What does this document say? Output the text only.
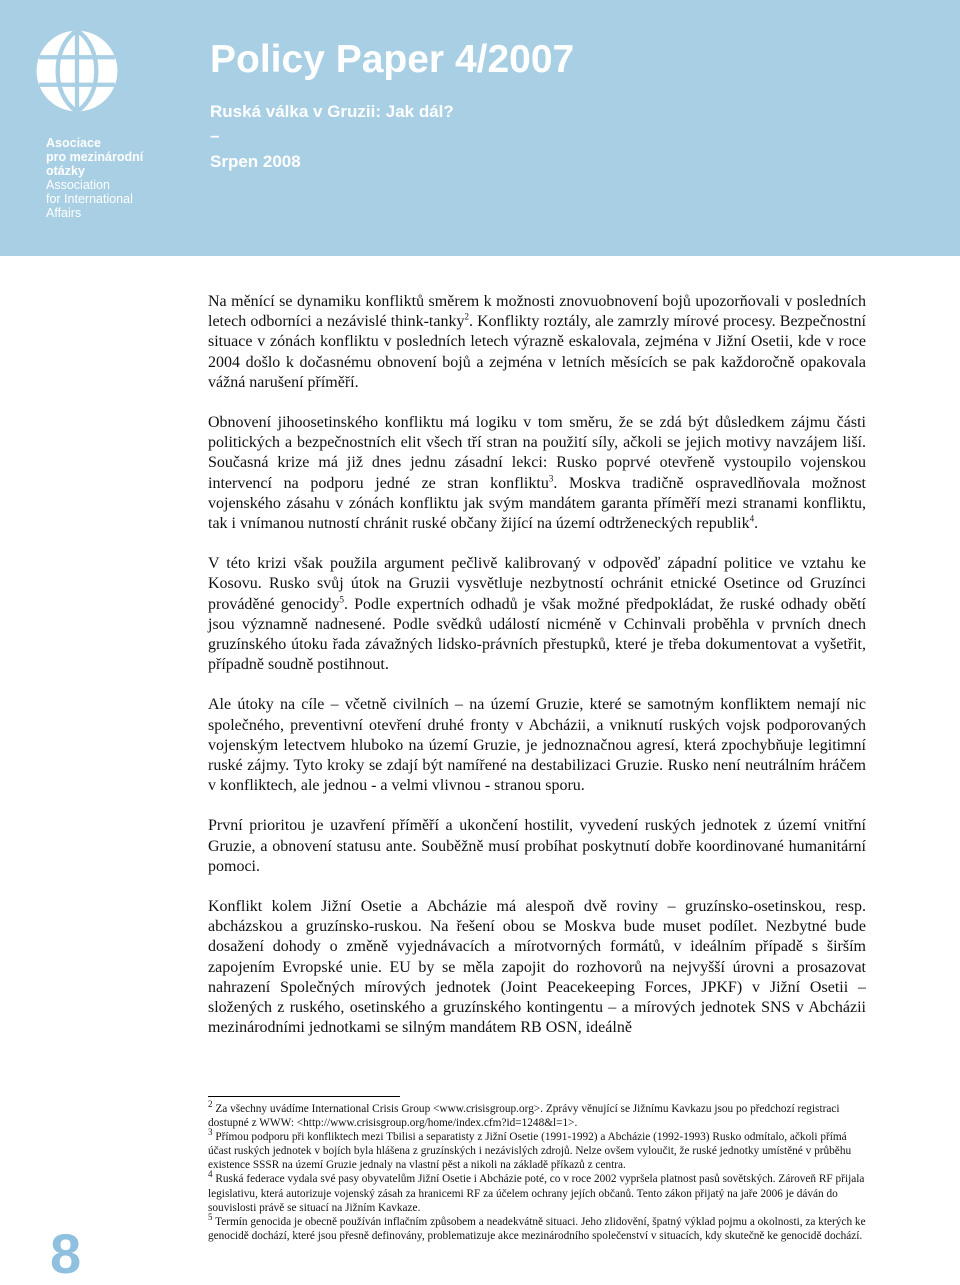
Asociace
pro mezinárodní
otázky
Association
for International
Affairs
Policy Paper 4/2007
Ruská válka v Gruzii: Jak dál?
–
Srpen 2008

Na měnící se dynamiku konfliktů směrem k možnosti znovuobnovení bojů upozorňovali v posledních letech odborníci a nezávislé think-tanky$^2$. Konflikty roztály, ale zamrzly mírové procesy. Bezpečnostní situace v zónách konfliktu v posledních letech výrazně eskalovala, zejména v Jižní Osetii, kde v roce 2004 došlo k dočasnému obnovení bojů a zejména v letních měsících se pak každoročně opakovala vážná narušení příměří.

Obnovení jihoosetinského konfliktu má logiku v tom směru, že se zdá být důsledkem zájmu části politických a bezpečnostních elit všech tří stran na použití síly, ačkoli se jejich motivy navzájem liší. Současná krize má již dnes jednu zásadní lekci: Rusko poprvé otevřeně vystoupilo vojenskou intervencí na podporu jedné ze stran konfliktu$^3$. Moskva tradičně ospravedlňovala možnost vojenského zásahu v zónách konfliktu jak svým mandátem garanta příměří mezi stranami konfliktu, tak i vnímanou nutností chránit ruské občany žijící na území odtrženeckých republik$^4$.

V této krizi však použila argument pečlivě kalibrovaný v odpověď západní politice ve vztahu ke Kosovu. Rusko svůj útok na Gruzii vysvětluje nezbytností ochránit etnické Osetince od Gruzínci prováděné genocidy$^5$. Podle expertních odhadů je však možné předpokládat, že ruské odhady obětí jsou významně nadnesené. Podle svědků událostí nicméně v Cchinvali proběhla v prvních dnech gruzínského útoku řada závažných lidsko-právních přestupků, které je třeba dokumentovat a vyšetřit, případně soudně postihnout.

Ale útoky na cíle – včetně civilních – na území Gruzie, které se samotným konfliktem nemají nic společného, preventivní otevření druhé fronty v Abcházii, a vniknutí ruských vojsk podporovaných vojenským letectvem hluboko na území Gruzie, je jednoznačnou agresí, která zpochybňuje legitimní ruské zájmy. Tyto kroky se zdají být namířené na destabilizaci Gruzie. Rusko není neutrálním hráčem v konfliktech, ale jednou - a velmi vlivnou - stranou sporu.

První prioritou je uzavření příměří a ukončení hostilit, vyvedení ruských jednotek z území vnitřní Gruzie, a obnovení statusu ante. Souběžně musí probíhat poskytnutí dobře koordinované humanitární pomoci.

Konflikt kolem Jižní Osetie a Abcházie má alespoň dvě roviny – gruzínsko-osetinskou, resp. abcházskou a gruzínsko-ruskou. Na řešení obou se Moskva bude muset podílet. Nezbytné bude dosažení dohody o změně vyjednávacích a mírotvorných formátů, v ideálním případě s širším zapojením Evropské unie. EU by se měla zapojit do rozhovorů na nejvyšší úrovni a prosazovat nahrazení Společných mírových jednotek (Joint Peacekeeping Forces, JPKF) v Jižní Osetii – složených z ruského, osetinského a gruzínského kontingentu – a mírových jednotek SNS v Abcházii mezinárodními jednotkami se silným mandátem RB OSN, ideálně

$^2$ Za všechny uvádíme International Crisis Group <www.crisisgroup.org>. Zprávy věnující se Jižnímu Kavkazu jsou po předchozí registraci dostupné z WWW: <http://www.crisisgroup.org/home/index.cfm?id=1248&l=1>.

$^3$ Přímou podporu při konfliktech mezi Tbilisi a separatisty z Jižní Osetie (1991-1992) a Abcházie (1992-1993) Rusko odmítalo, ačkoli přímá účast ruských jednotek v bojích byla hlášena z gruzínských i nezávislých zdrojů. Nelze ovšem vyloučit, že ruské jednotky umístěné v průběhu existence SSSR na území Gruzie jednaly na vlastní pěst a nikoli na základě příkazů z centra.

$^4$ Ruská federace vydala své pasy obyvatelům Jižní Osetie i Abcházie poté, co v roce 2002 vypršela platnost pasů sovětských. Zároveň RF přijala legislativu, která autorizuje vojenský zásah za hranicemi RF za účelem ochrany jejích občanů. Tento zákon přijatý na jaře 2006 je dáván do souvislosti právě se situací na Jižním Kavkaze.

$^5$ Termín genocida je obecně používán inflačním způsobem a neadekvátně situaci. Jeho zlidovění, špatný výklad pojmu a okolnosti, za kterých ke genocidě dochází, které jsou přesně definovány, problematizuje akce mezinárodního společenství v situacích, kdy skutečně ke genocidě dochází.

8
